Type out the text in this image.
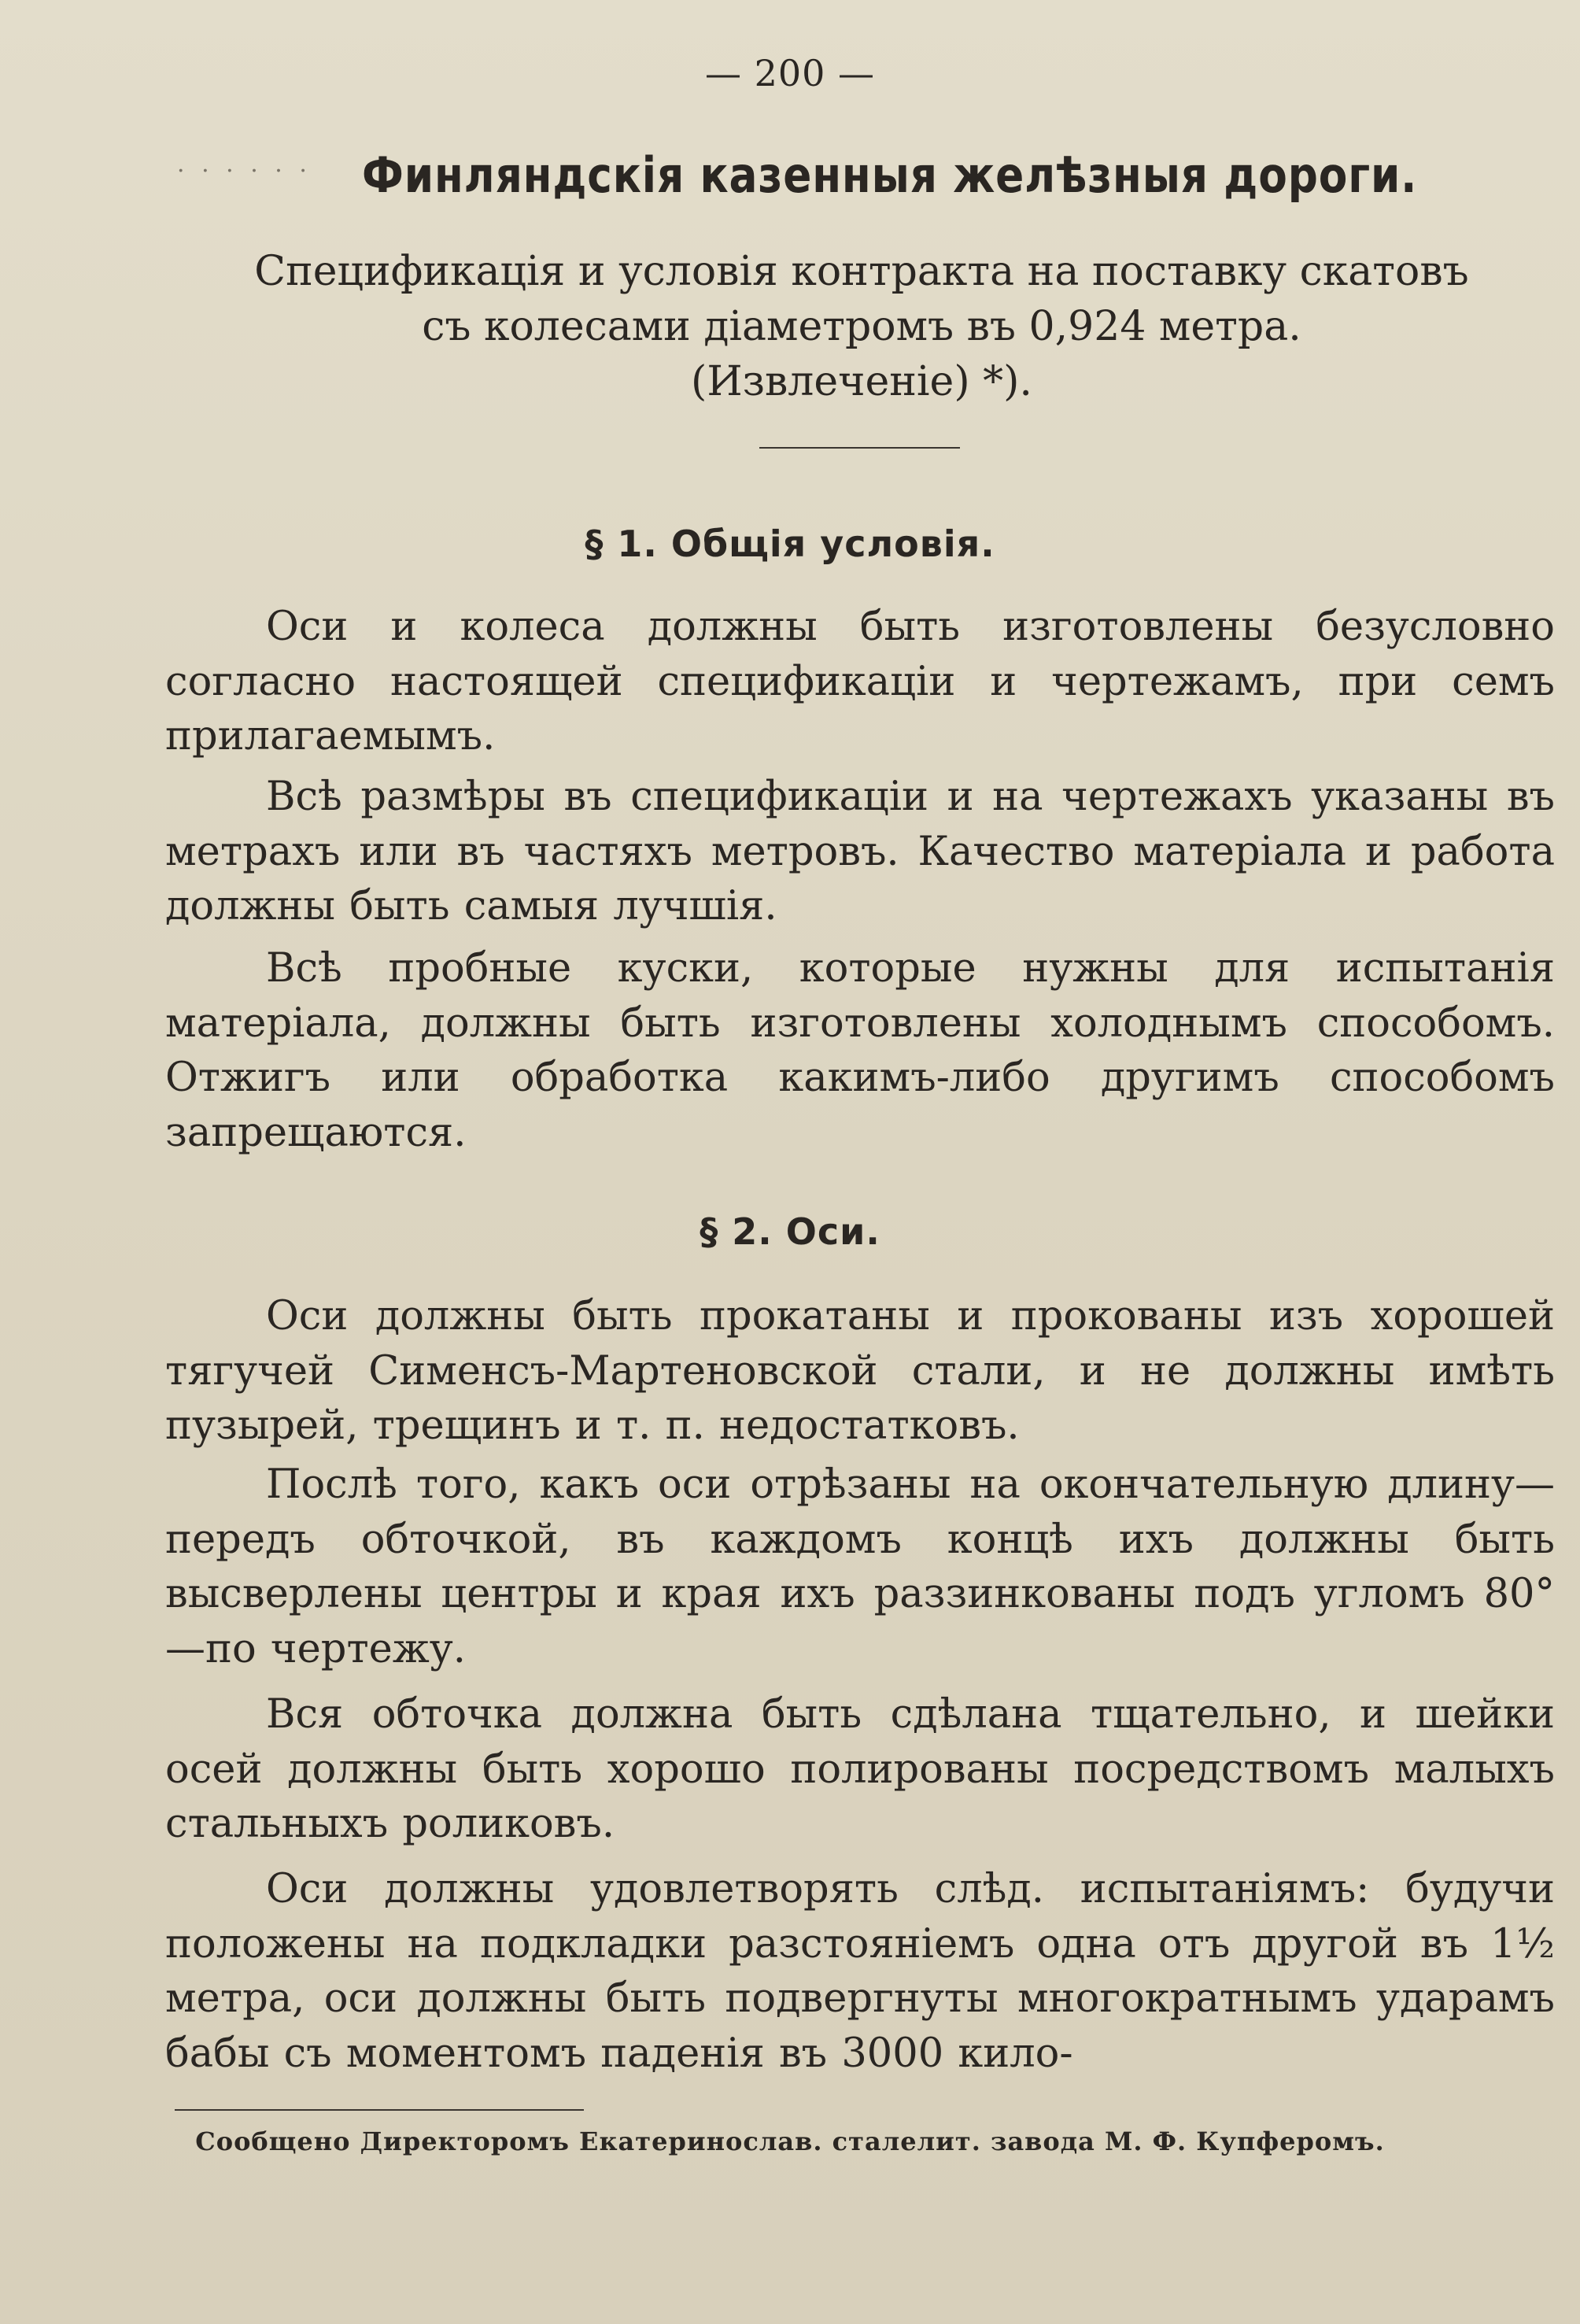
— 200 —
· · · · · · Финляндскія казенныя желѣзныя дороги.
Спецификація и условія контракта на поставку скатовъ
съ колесами діаметромъ въ 0,924 метра.
(Извлеченіе) *).
§ 1. Общія условія.
Оси и колеса должны быть изготовлены безусловно согласно настоящей спецификаціи и чертежамъ, при семъ прилагаемымъ.
Всѣ размѣры въ спецификаціи и на чертежахъ указаны въ метрахъ или въ частяхъ метровъ. Качество матеріала и работа должны быть самыя лучшія.
Всѣ пробные куски, которые нужны для испытанія матеріала, должны быть изготовлены холоднымъ способомъ. Отжигъ или обработка какимъ-либо другимъ способомъ запрещаются.
§ 2. Оси.
Оси должны быть прокатаны и прокованы изъ хорошей тягучей Сименсъ-Мартеновской стали, и не должны имѣть пузырей, трещинъ и т. п. недостатковъ.
Послѣ того, какъ оси отрѣзаны на окончательную длину—передъ обточкой, въ каждомъ концѣ ихъ должны быть высверлены центры и края ихъ раззинкованы подъ угломъ 80°—по чертежу.
Вся обточка должна быть сдѣлана тщательно, и шейки осей должны быть хорошо полированы посредствомъ малыхъ стальныхъ роликовъ.
Оси должны удовлетворять слѣд. испытаніямъ: будучи положены на подкладки разстояніемъ одна отъ другой въ 1½ метра, оси должны быть подвергнуты многократнымъ ударамъ бабы съ моментомъ паденія въ 3000 кило-
Сообщено Директоромъ Екатеринослав. сталелит. завода М. Ф. Купферомъ.
